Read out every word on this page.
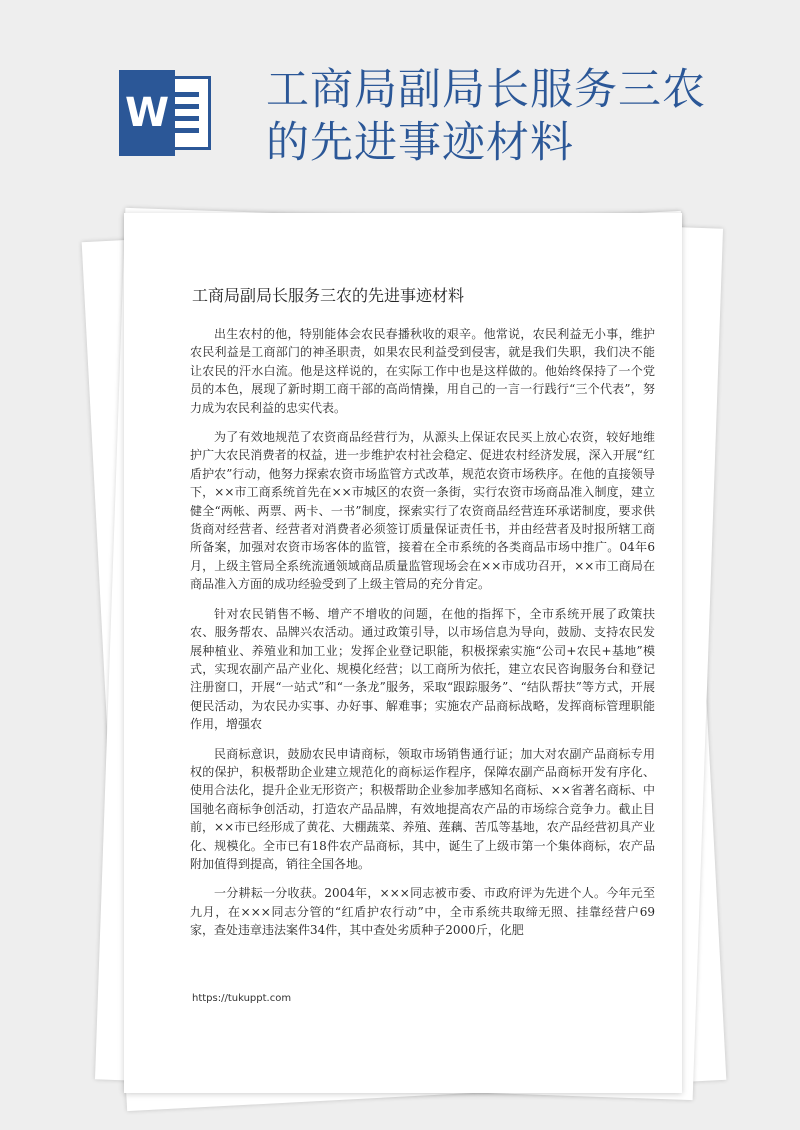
W 工商局副局长服务三农
的先进事迹材料
工商局副局长服务三农的先进事迹材料

出生农村的他，特别能体会农民春播秋收的艰辛。他常说，农民利益无小事，维护农民利益是工商部门的神圣职责，如果农民利益受到侵害，就是我们失职，我们决不能让农民的汗水白流。他是这样说的，在实际工作中也是这样做的。他始终保持了一个党员的本色，展现了新时期工商干部的高尚情操，用自己的一言一行践行“三个代表”，努力成为农民利益的忠实代表。

为了有效地规范了农资商品经营行为，从源头上保证农民买上放心农资，较好地维护广大农民消费者的权益，进一步维护农村社会稳定、促进农村经济发展，深入开展“红盾护农”行动，他努力探索农资市场监管方式改革，规范农资市场秩序。在他的直接领导下，××市工商系统首先在××市城区的农资一条街，实行农资市场商品准入制度，建立健全“两帐、两票、两卡、一书”制度，探索实行了农资商品经营连环承诺制度，要求供货商对经营者、经营者对消费者必须签订质量保证责任书，并由经营者及时报所辖工商所备案，加强对农资市场客体的监管，接着在全市系统的各类商品市场中推广。04年6月，上级主管局全系统流通领域商品质量监管现场会在××市成功召开，××市工商局在商品准入方面的成功经验受到了上级主管局的充分肯定。

针对农民销售不畅、增产不增收的问题，在他的指挥下，全市系统开展了政策扶农、服务帮农、品牌兴农活动。通过政策引导，以市场信息为导向，鼓励、支持农民发展种植业、养殖业和加工业；发挥企业登记职能，积极探索实施“公司+农民+基地”模式，实现农副产品产业化、规模化经营；以工商所为依托，建立农民咨询服务台和登记注册窗口，开展“一站式”和“一条龙”服务，采取“跟踪服务”、“结队帮扶”等方式，开展便民活动，为农民办实事、办好事、解难事；实施农产品商标战略，发挥商标管理职能作用，增强农

民商标意识，鼓励农民申请商标，领取市场销售通行证；加大对农副产品商标专用权的保护，积极帮助企业建立规范化的商标运作程序，保障农副产品商标开发有序化、使用合法化，提升企业无形资产；积极帮助企业参加孝感知名商标、××省著名商标、中国驰名商标争创活动，打造农产品品牌，有效地提高农产品的市场综合竞争力。截止目前，××市已经形成了黄花、大棚蔬菜、养殖、莲藕、苦瓜等基地，农产品经营初具产业化、规模化。全市已有18件农产品商标，其中，诞生了上级市第一个集体商标，农产品附加值得到提高，销往全国各地。

一分耕耘一分收获。2004年，×××同志被市委、市政府评为先进个人。今年元至九月，在×××同志分管的“红盾护农行动”中，全市系统共取缔无照、挂靠经营户69家，查处违章违法案件34件，其中查处劣质种子2000斤，化肥

https://tukuppt.com
